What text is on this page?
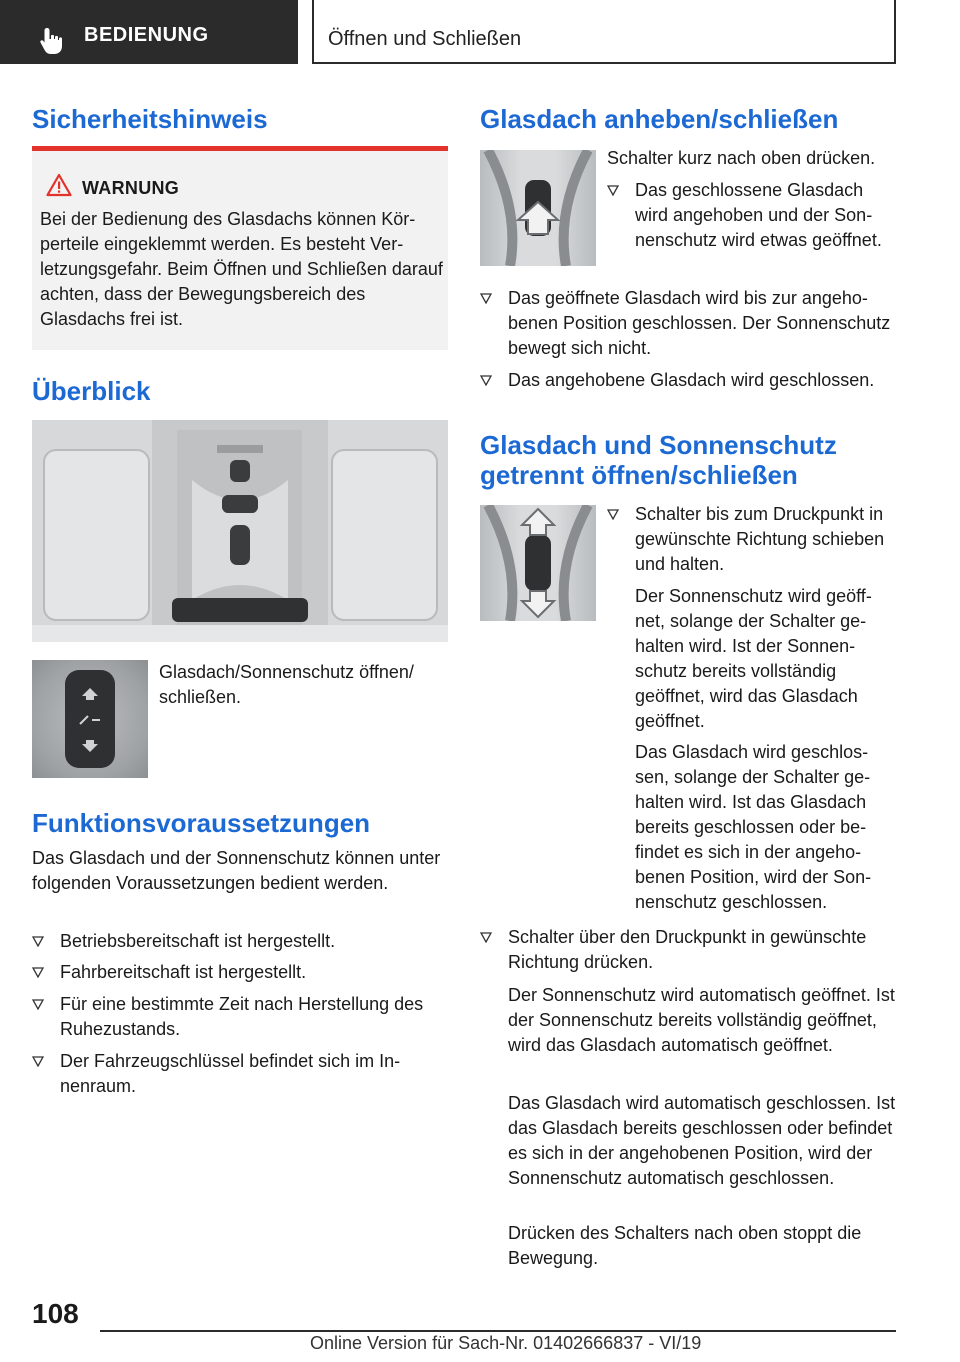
BEDIENUNG	Öffnen und Schließen
Sicherheitshinweis
WARNUNG
Bei der Bedienung des Glasdachs können Körperteile eingeklemmt werden. Es besteht Verletzungsgefahr. Beim Öffnen und Schließen darauf achten, dass der Bewegungsbereich des Glasdachs frei ist.
Überblick
Glasdach/Sonnenschutz öffnen/ schließen.
Funktionsvoraussetzungen
Das Glasdach und der Sonnenschutz können unter folgenden Voraussetzungen bedient werden.
Betriebsbereitschaft ist hergestellt.
Fahrbereitschaft ist hergestellt.
Für eine bestimmte Zeit nach Herstellung des Ruhezustands.
Der Fahrzeugschlüssel befindet sich im Innenraum.
Glasdach anheben/schließen
Schalter kurz nach oben drücken.
Das geschlossene Glasdach wird angehoben und der Sonnenschutz wird etwas geöffnet.
Das geöffnete Glasdach wird bis zur angehobenen Position geschlossen. Der Sonnenschutz bewegt sich nicht.
Das angehobene Glasdach wird geschlossen.
Glasdach und Sonnenschutz
getrennt öffnen/schließen
Schalter bis zum Druckpunkt in gewünschte Richtung schieben und halten.
Der Sonnenschutz wird geöffnet, solange der Schalter gehalten wird. Ist der Sonnenschutz bereits vollständig geöffnet, wird das Glasdach geöffnet.
Das Glasdach wird geschlossen, solange der Schalter gehalten wird. Ist das Glasdach bereits geschlossen oder befindet es sich in der angehobenen Position, wird der Sonnenschutz geschlossen.
Schalter über den Druckpunkt in gewünschte Richtung drücken.
Der Sonnenschutz wird automatisch geöffnet. Ist der Sonnenschutz bereits vollständig geöffnet, wird das Glasdach automatisch geöffnet.
Das Glasdach wird automatisch geschlossen. Ist das Glasdach bereits geschlossen oder befindet es sich in der angehobenen Position, wird der Sonnenschutz automatisch geschlossen.
Drücken des Schalters nach oben stoppt die Bewegung.
108
Online Version für Sach-Nr. 01402666837 - VI/19
